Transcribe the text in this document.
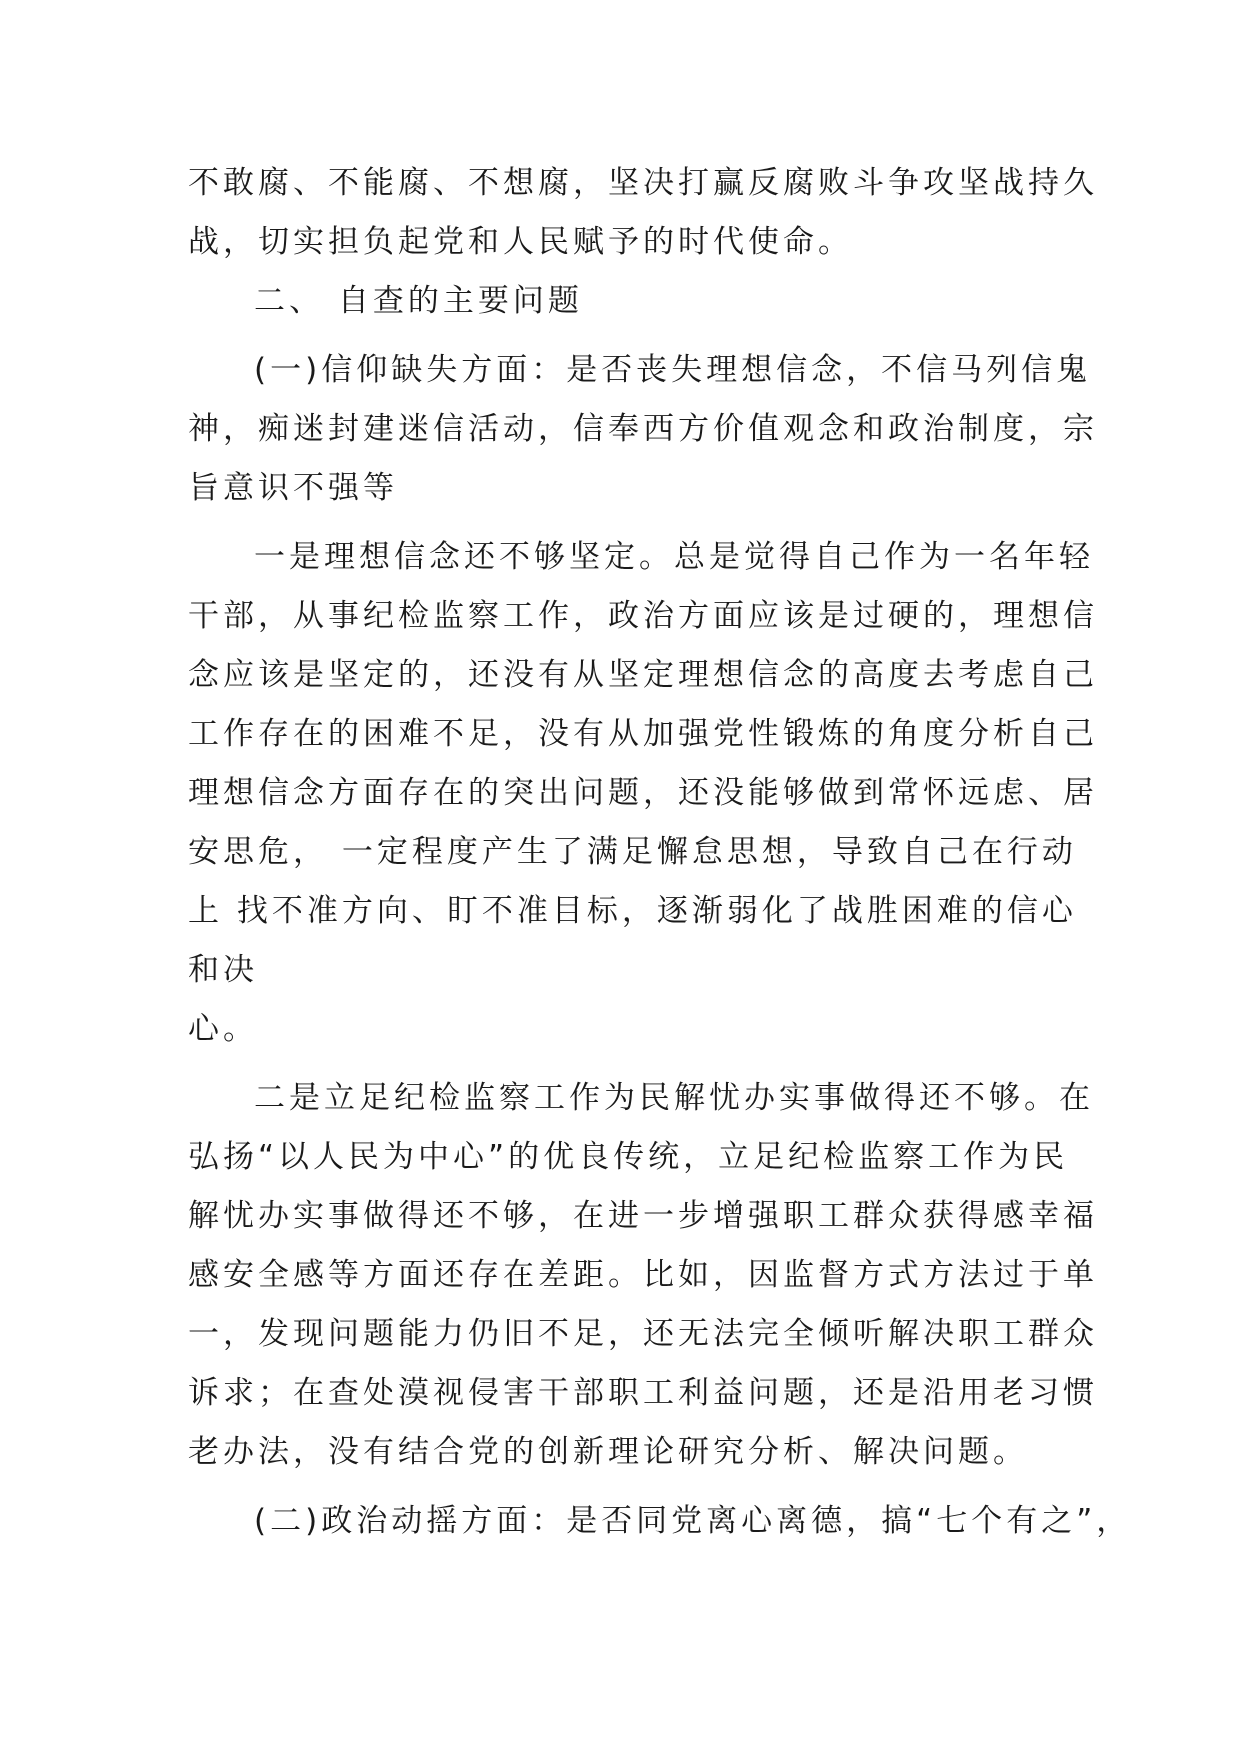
不敢腐、不能腐、不想腐，坚决打赢反腐败斗争攻坚战持久
战，切实担负起党和人民赋予的时代使命。
二、 自查的主要问题
(一)信仰缺失方面：是否丧失理想信念，不信马列信鬼
神，痴迷封建迷信活动，信奉西方价值观念和政治制度，宗
旨意识不强等
一是理想信念还不够坚定。总是觉得自己作为一名年轻
干部，从事纪检监察工作，政治方面应该是过硬的，理想信
念应该是坚定的，还没有从坚定理想信念的高度去考虑自己
工作存在的困难不足，没有从加强党性锻炼的角度分析自己
理想信念方面存在的突出问题，还没能够做到常怀远虑、居
安思危， 一定程度产生了满足懈怠思想，导致自己在行动
上 找不准方向、盯不准目标，逐渐弱化了战胜困难的信心
和决
心。
二是立足纪检监察工作为民解忧办实事做得还不够。在
弘扬“以人民为中心”的优良传统，立足纪检监察工作为民
解忧办实事做得还不够，在进一步增强职工群众获得感幸福
感安全感等方面还存在差距。比如，因监督方式方法过于单
一，发现问题能力仍旧不足，还无法完全倾听解决职工群众
诉求；在查处漠视侵害干部职工利益问题，还是沿用老习惯
老办法，没有结合党的创新理论研究分析、解决问题。
(二)政治动摇方面：是否同党离心离德，搞“七个有之”，
